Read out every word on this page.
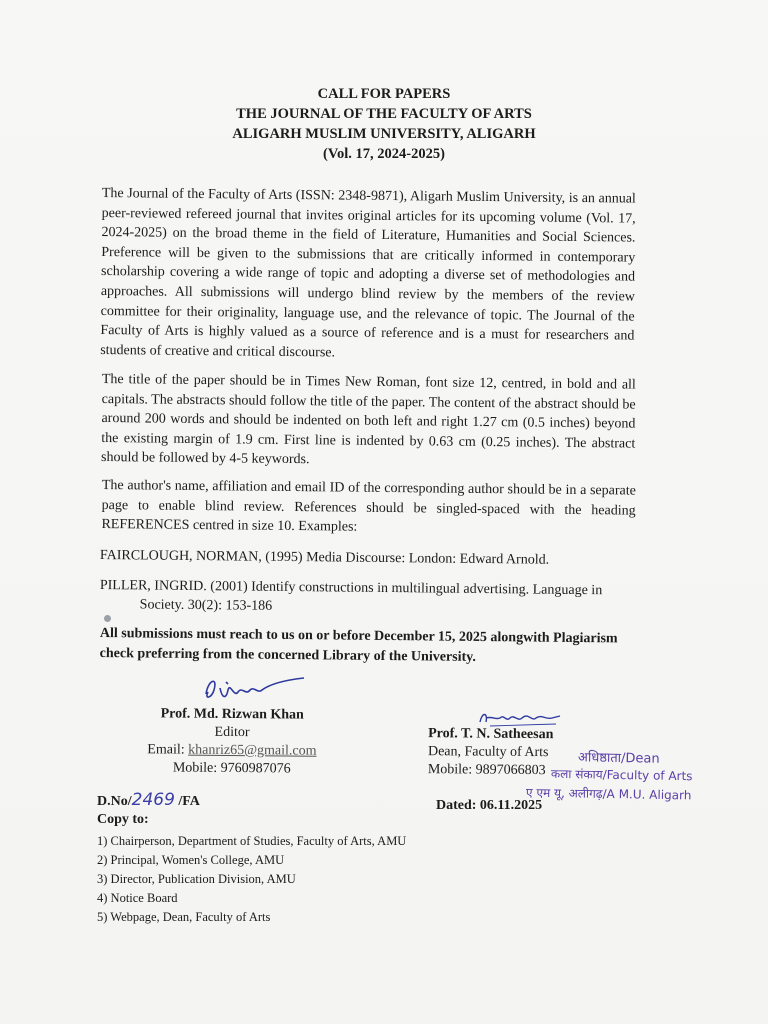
CALL FOR PAPERS
THE JOURNAL OF THE FACULTY OF ARTS
ALIGARH MUSLIM UNIVERSITY, ALIGARH
(Vol. 17, 2024-2025)
The Journal of the Faculty of Arts (ISSN: 2348-9871), Aligarh Muslim University, is an annual peer-reviewed refereed journal that invites original articles for its upcoming volume (Vol. 17, 2024-2025) on the broad theme in the field of Literature, Humanities and Social Sciences. Preference will be given to the submissions that are critically informed in contemporary scholarship covering a wide range of topic and adopting a diverse set of methodologies and approaches. All submissions will undergo blind review by the members of the review committee for their originality, language use, and the relevance of topic. The Journal of the Faculty of Arts is highly valued as a source of reference and is a must for researchers and students of creative and critical discourse.
The title of the paper should be in Times New Roman, font size 12, centred, in bold and all capitals. The abstracts should follow the title of the paper. The content of the abstract should be around 200 words and should be indented on both left and right 1.27 cm (0.5 inches) beyond the existing margin of 1.9 cm. First line is indented by 0.63 cm (0.25 inches). The abstract should be followed by 4-5 keywords.
The author's name, affiliation and email ID of the corresponding author should be in a separate page to enable blind review. References should be singled-spaced with the heading REFERENCES centred in size 10. Examples:
FAIRCLOUGH, NORMAN, (1995) Media Discourse: London: Edward Arnold.
PILLER, INGRID. (2001) Identify constructions in multilingual advertising. Language in
Society. 30(2): 153-186
All submissions must reach to us on or before December 15, 2025 alongwith Plagiarism check preferring from the concerned Library of the University.
Prof. Md. Rizwan Khan
Editor
Email: khanriz65@gmail.com
Mobile: 9760987076
Prof. T. N. Satheesan
Dean, Faculty of Arts
Mobile: 9897066803
अधिष्ठाता/Dean
कला संकाय/Faculty of Arts
ए एम यू, अलीगढ़/A M.U. Aligarh
D.No/2469 /FA	Dated: 06.11.2025
Copy to:
1) Chairperson, Department of Studies, Faculty of Arts, AMU
2) Principal, Women's College, AMU
3) Director, Publication Division, AMU
4) Notice Board
5) Webpage, Dean, Faculty of Arts
